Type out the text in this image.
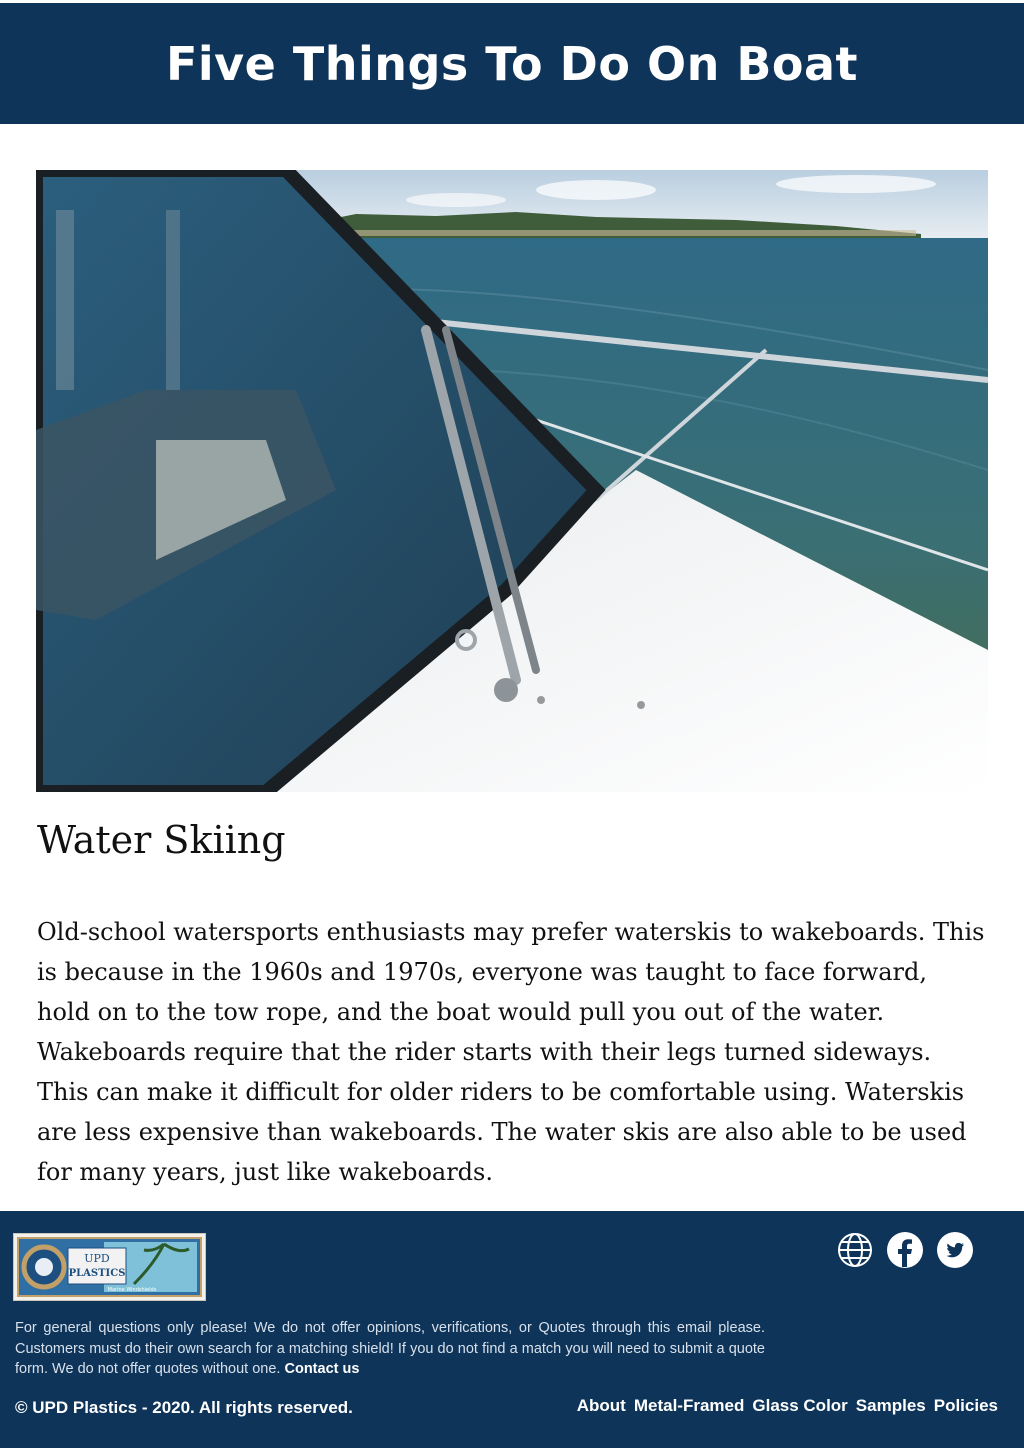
Five Things To Do On Boat
Water Skiing

Old-school watersports enthusiasts may prefer waterskis to wakeboards. This is because in the 1960s and 1970s, everyone was taught to face forward, hold on to the tow rope, and the boat would pull you out of the water. Wakeboards require that the rider starts with their legs turned sideways. This can make it difficult for older riders to be comfortable using. Waterskis are less expensive than wakeboards. The water skis are also able to be used for many years, just like wakeboards.

UPD
PLASTICS
Marine Windshields

For general questions only please! We do not offer opinions, verifications, or Quotes through this email please. Customers must do their own search for a matching shield! If you do not find a match you will need to submit a quote form. We do not offer quotes without one. Contact us

© UPD Plastics - 2020. All rights reserved.	About Metal-Framed Glass Color Samples Policies
